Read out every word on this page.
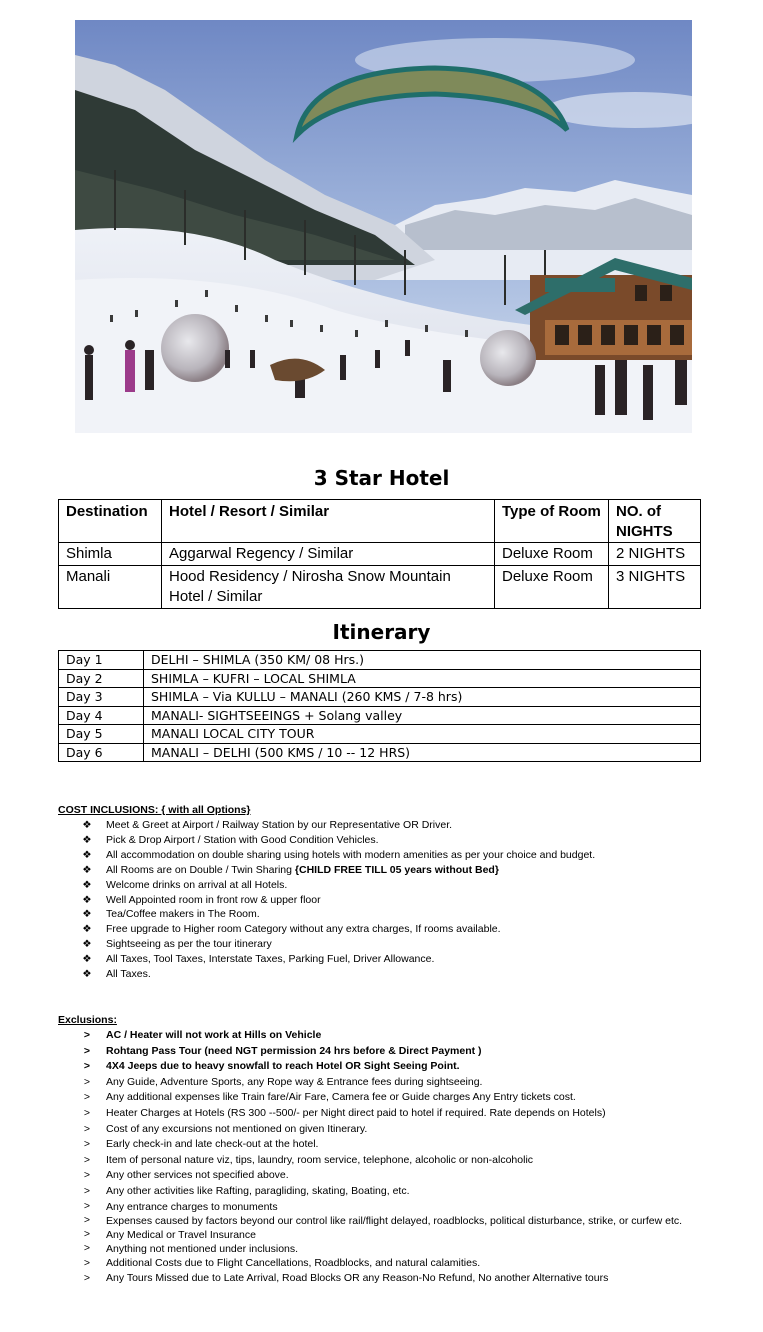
3 Star Hotel
Destination	Hotel / Resort / Similar	Type of Room	NO. of NIGHTS
Shimla	Aggarwal Regency / Similar	Deluxe Room	2 NIGHTS
Manali	Hood Residency / Nirosha Snow Mountain Hotel / Similar	Deluxe Room	3 NIGHTS
Itinerary
Day 1	DELHI – SHIMLA (350 KM/ 08 Hrs.)
Day 2	SHIMLA – KUFRI – LOCAL SHIMLA
Day 3	SHIMLA – Via KULLU – MANALI (260 KMS / 7-8 hrs)
Day 4	MANALI- SIGHTSEEINGS + Solang valley
Day 5	MANALI LOCAL CITY TOUR
Day 6	MANALI – DELHI (500 KMS / 10 -- 12 HRS)
COST INCLUSIONS: { with all Options}
❖ Meet & Greet at Airport / Railway Station by our Representative OR Driver.
❖ Pick & Drop Airport / Station with Good Condition Vehicles.
❖ All accommodation on double sharing using hotels with modern amenities as per your choice and budget.
❖ All Rooms are on Double / Twin Sharing {CHILD FREE TILL 05 years without Bed}
❖ Welcome drinks on arrival at all Hotels.
❖ Well Appointed room in front row & upper floor
❖ Tea/Coffee makers in The Room.
❖ Free upgrade to Higher room Category without any extra charges, If rooms available.
❖ Sightseeing as per the tour itinerary
❖ All Taxes, Tool Taxes, Interstate Taxes, Parking Fuel, Driver Allowance.
❖ All Taxes.
Exclusions:
>	AC / Heater will not work at Hills on Vehicle
>	Rohtang Pass Tour (need NGT permission 24 hrs before & Direct Payment )
>	4X4 Jeeps due to heavy snowfall to reach Hotel OR Sight Seeing Point.
>	Any Guide, Adventure Sports, any Rope way & Entrance fees during sightseeing.
>	Any additional expenses like Train fare/Air Fare, Camera fee or Guide charges Any Entry tickets cost.
>	Heater Charges at Hotels (RS 300 --500/- per Night direct paid to hotel if required. Rate depends on Hotels)
>	Cost of any excursions not mentioned on given Itinerary.
>	Early check-in and late check-out at the hotel.
>	Item of personal nature viz, tips, laundry, room service, telephone, alcoholic or non-alcoholic
>	Any other services not specified above.
>	Any other activities like Rafting, paragliding, skating, Boating, etc.
>	Any entrance charges to monuments
>	Expenses caused by factors beyond our control like rail/flight delayed, roadblocks, political disturbance, strike, or curfew etc.
>	Any Medical or Travel Insurance
>	Anything not mentioned under inclusions.
>	Additional Costs due to Flight Cancellations, Roadblocks, and natural calamities.
>	Any Tours Missed due to Late Arrival, Road Blocks OR any Reason-No Refund, No another Alternative tours
